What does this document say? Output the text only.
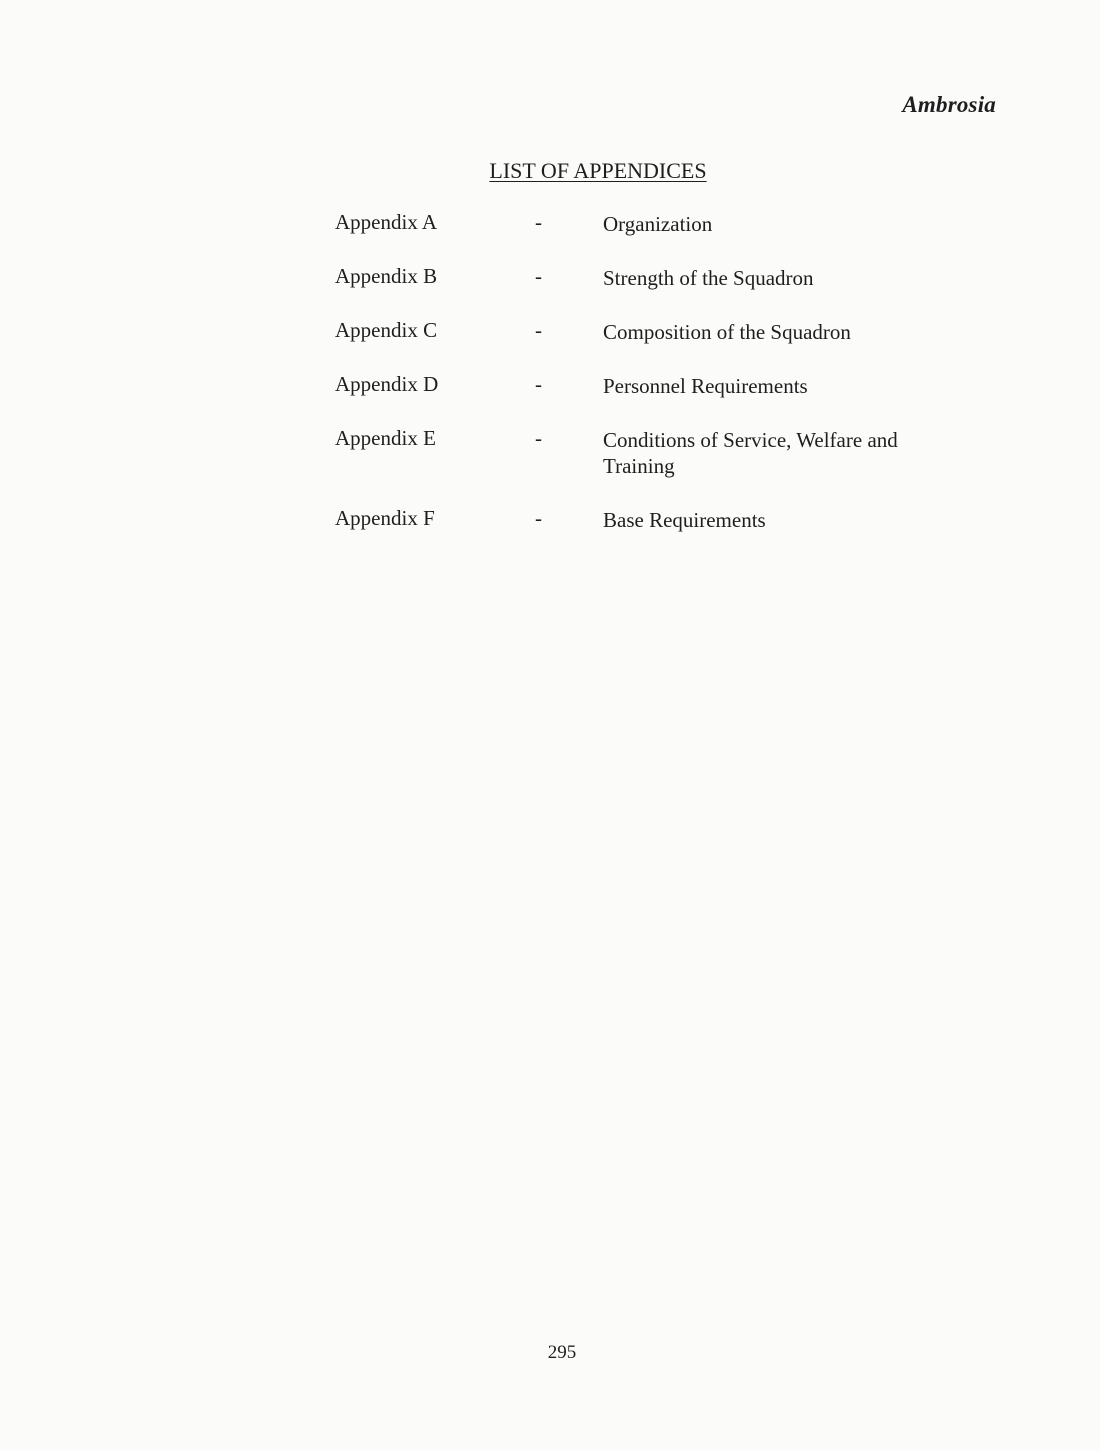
Ambrosia
LIST OF APPENDICES
Appendix A	-	Organization
Appendix B	-	Strength of the Squadron
Appendix C	-	Composition of the Squadron
Appendix D	-	Personnel Requirements
Appendix E	-	Conditions of Service, Welfare and Training
Appendix F	-	Base Requirements
295
